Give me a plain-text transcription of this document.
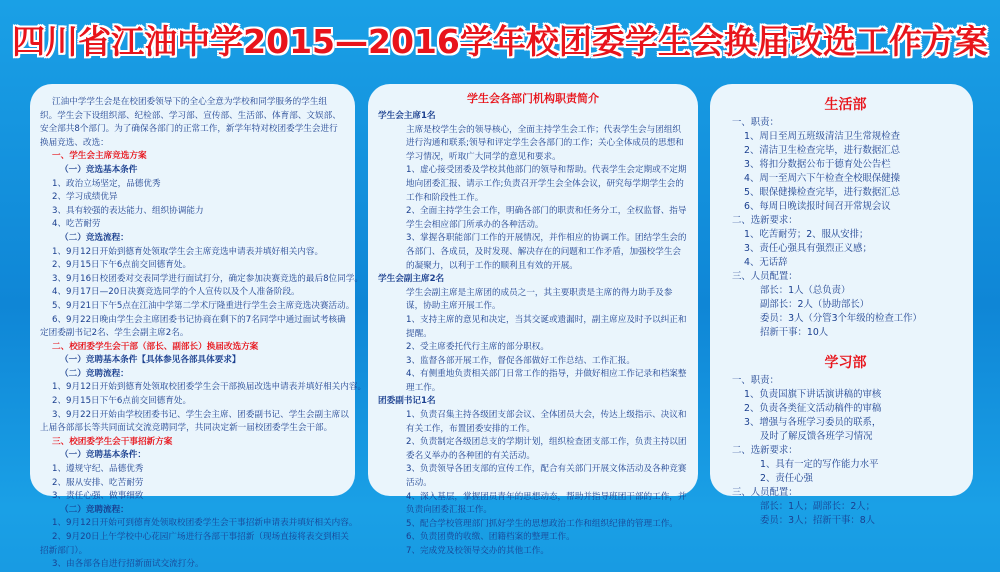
四川省江油中学2015—2016学年校团委学生会换届改选工作方案
江油中学学生会是在校团委领导下的全心全意为学校和同学服务的学生组
织。学生会下设组织部、纪检部、学习部、宣传部、生活部、体育部、文娱部、
安全部共8个部门。为了确保各部门的正常工作，新学年特对校团委学生会进行
换届竞选、改选：
一、学生会主席竞选方案
（一）竞选基本条件
1、政治立场坚定，品德优秀
2、学习成绩优异
3、具有较强的表达能力、组织协调能力
4、吃苦耐劳
（二）竞选流程：
1、9月12日开始到德育处领取学生会主席竞选申请表并填好相关内容。
2、9月15日下午6点前交回德育处。
3、9月16日校团委对交表同学进行面试打分，确定参加决赛竞选的最后8位同学。
4、9月17日—20日决赛竞选同学的个人宣传以及个人准备阶段。
5、9月21日下午5点在江油中学第二学术厅隆重进行学生会主席竞选决赛活动。
6、9月22日晚由学生会主席团委书记协商在剩下的7名同学中通过面试考核确
定团委副书记2名、学生会副主席2名。
二、校团委学生会干部（部长、副部长）换届改选方案
（一）竞聘基本条件【具体参见各部具体要求】
（二）竞聘流程：
1、9月12日开始到德育处领取校团委学生会干部换届改选申请表并填好相关内容。
2、9月15日下午6点前交回德育处。
3、9月22日开始由学校团委书记、学生会主席、团委副书记、学生会副主席以
上届各部部长等共同面试交流竞聘同学，共同决定新一届校团委学生会干部。
三、校团委学生会干事招新方案
（一）竞聘基本条件：
1、遵规守纪、品德优秀
2、服从安排、吃苦耐劳
3、责任心强、做事细致
（二）竞聘流程：
1、9月12日开始可到德育处领取校团委学生会干事招新申请表并填好相关内容。
2、9月20日上午学校中心花园广场进行各部干事招新（现场直接将表交到相关
招新部门）。
3、由各部各自进行招新面试交流打分。
学生会各部门机构职责简介
学生会主席1名
主席是校学生会的领导核心，全面主持学生会工作；代表学生会与团组织进行沟通和联系;领导和评定学生会各部门的工作；关心全体成员的思想和学习情况，听取广大同学的意见和要求。
1、虚心接受团委及学校其他部门的领导和帮助。代表学生会定期或不定期地向团委汇报、请示工作;负责召开学生会全体会议，研究每学期学生会的工作和阶段性工作。
2、全面主持学生会工作，明确各部门的职责和任务分工，全权监督、指导学生会相应部门所承办的各种活动。
3、掌握各职能部门工作的开展情况，并作相应的协调工作。团结学生会的各部门、各成员，及时发现、解决存在的问题和工作矛盾，加强校学生会的凝聚力，以利于工作的顺利且有效的开展。
学生会副主席2名
学生会副主席是主席团的成员之一，其主要职责是主席的得力助手及参谋，协助主席开展工作。
1、支持主席的意见和决定，当其交诞或遗漏时，副主席应及时予以纠正和提醒。
2、受主席委托代行主席的部分职权。
3、监督各部开展工作，督促各部做好工作总结、工作汇报。
4、有侧重地负责相关部门日常工作的指导，并做好相应工作记录和档案整理工作。
团委副书记1名
1、负责召集主持各级团支部会议、全体团员大会，传达上级指示、决议和有关工作，布置团委安排的工作。
2、负责制定各级团总支的学期计划，组织检查团支部工作，负责主持以团委名义举办的各种团的有关活动。
3、负责领导各团支部的宣传工作，配合有关部门开展文体活动及各种竞赛活动。
4、深入基层，掌握团员青年的思想动态，帮助并指导班团干部的工作，并负责向团委汇报工作。
5、配合学校管理部门抓好学生的思想政治工作和组织纪律的管理工作。
6、负责团费的收缴、团籍档案的整理工作。
7、完成党及校领导交办的其他工作。
生活部
一、职责：
1、周日至周五班级清洁卫生常规检查
2、清洁卫生检查完毕，进行数据汇总
3、将扣分数据公布于德育处公告栏
4、周一至周六下午检查全校眼保健操
5、眼保健操检查完毕，进行数据汇总
6、每周日晚读报时间召开常规会议
二、选新要求：
1、吃苦耐劳；2、服从安排；
3、责任心强具有强烈正义感；
4、无话辞
三、人员配置：
部长：1人（总负责）
副部长：2人（协助部长）
委员：3人（分管3个年级的检查工作）
招新干事：10人
学习部
一、职责：
1、负责国旗下讲话演讲稿的审核
2、负责各类征文活动稿件的审稿
3、增强与各班学习委员的联系，
及时了解反馈各班学习情况
二、选新要求：
1、具有一定的写作能力水平
2、责任心强
三、人员配置：
部长：1人；副部长：2人；
委员：3人；招新干事：8人
